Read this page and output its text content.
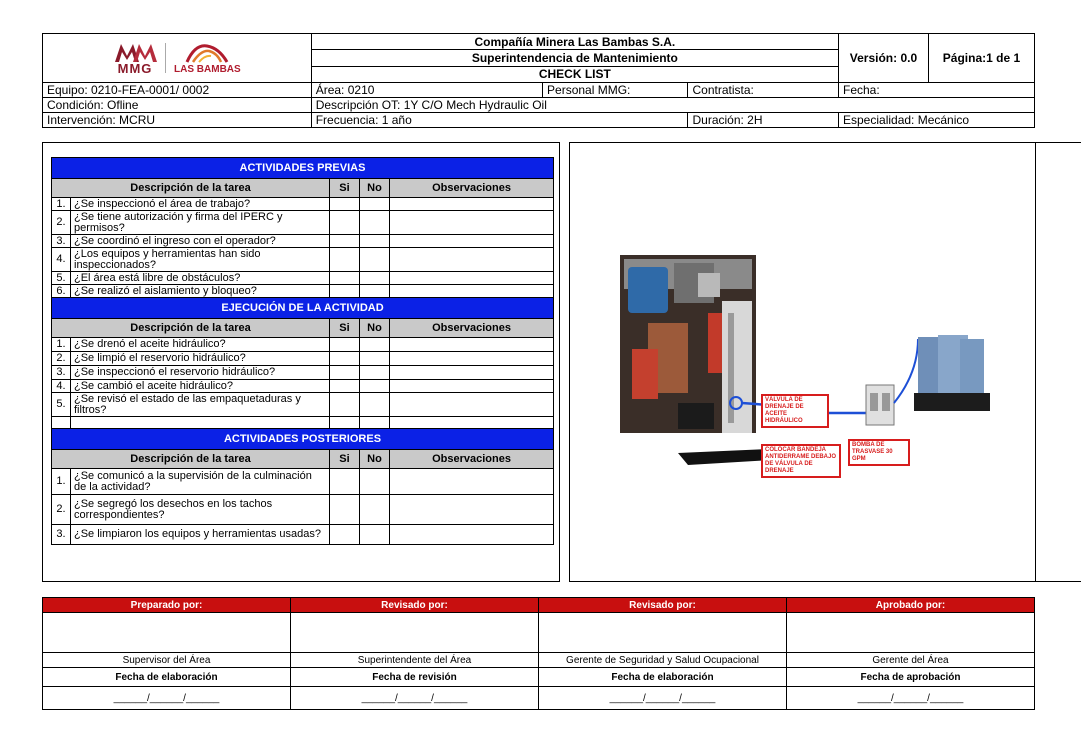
MMG LAS BAMBAS	Compañía Minera Las Bambas S.A.			Versión: 0.0	Página:1 de 1
	Superintendencia de Mantenimiento				
	CHECK LIST				
Equipo: 0210-FEA-0001/ 0002	Área: 0210	Personal MMG:	Contratista:	Fecha:	
Condición: Ofline	Descripción OT: 1Y C/O Mech Hydraulic Oil				
Intervención: MCRU	Frecuencia: 1 año		Duración: 2H	Especialidad: Mecánico	
ACTIVIDADES PREVIAS				
Descripción de la tarea		Si	No	Observaciones
1.	¿Se inspeccionó el área de trabajo?			
2.	¿Se tiene autorización y firma del IPERC y permisos?			
3.	¿Se coordinó el ingreso con el operador?			
4.	¿Los equipos y herramientas han sido inspeccionados?			
5.	¿El área está libre de obstáculos?			
6.	¿Se realizó el aislamiento y bloqueo?			
EJECUCIÓN DE LA ACTIVIDAD				
Descripción de la tarea		Si	No	Observaciones
1.	¿Se drenó el aceite hidráulico?			
2.	¿Se limpió el reservorio hidráulico?			
3.	¿Se inspeccionó el reservorio hidráulico?			
4.	¿Se cambió el aceite hidráulico?			
5.	¿Se revisó el estado de las empaquetaduras y filtros?			

ACTIVIDADES POSTERIORES				
Descripción de la tarea		Si	No	Observaciones
1.	¿Se comunicó a la supervisión de la culminación de la actividad?			
2.	¿Se segregó los desechos en los tachos correspondientes?			
3.	¿Se limpiaron los equipos y herramientas usadas?			
VÁLVULA DE DRENAJE DE ACEITE HIDRÁULICO
COLOCAR BANDEJA ANTIDERRAME DEBAJO DE VÁLVULA DE DRENAJE
BOMBA DE TRASVASE 30 GPM
Preparado por:	Revisado por:	Revisado por:	Aprobado por:

Supervisor del Área	Superintendente del Área	Gerente de Seguridad y Salud Ocupacional	Gerente del Área
Fecha de elaboración	Fecha de revisión	Fecha de elaboración	Fecha de aprobación
______/______/______	______/______/______	______/______/______	______/______/______
